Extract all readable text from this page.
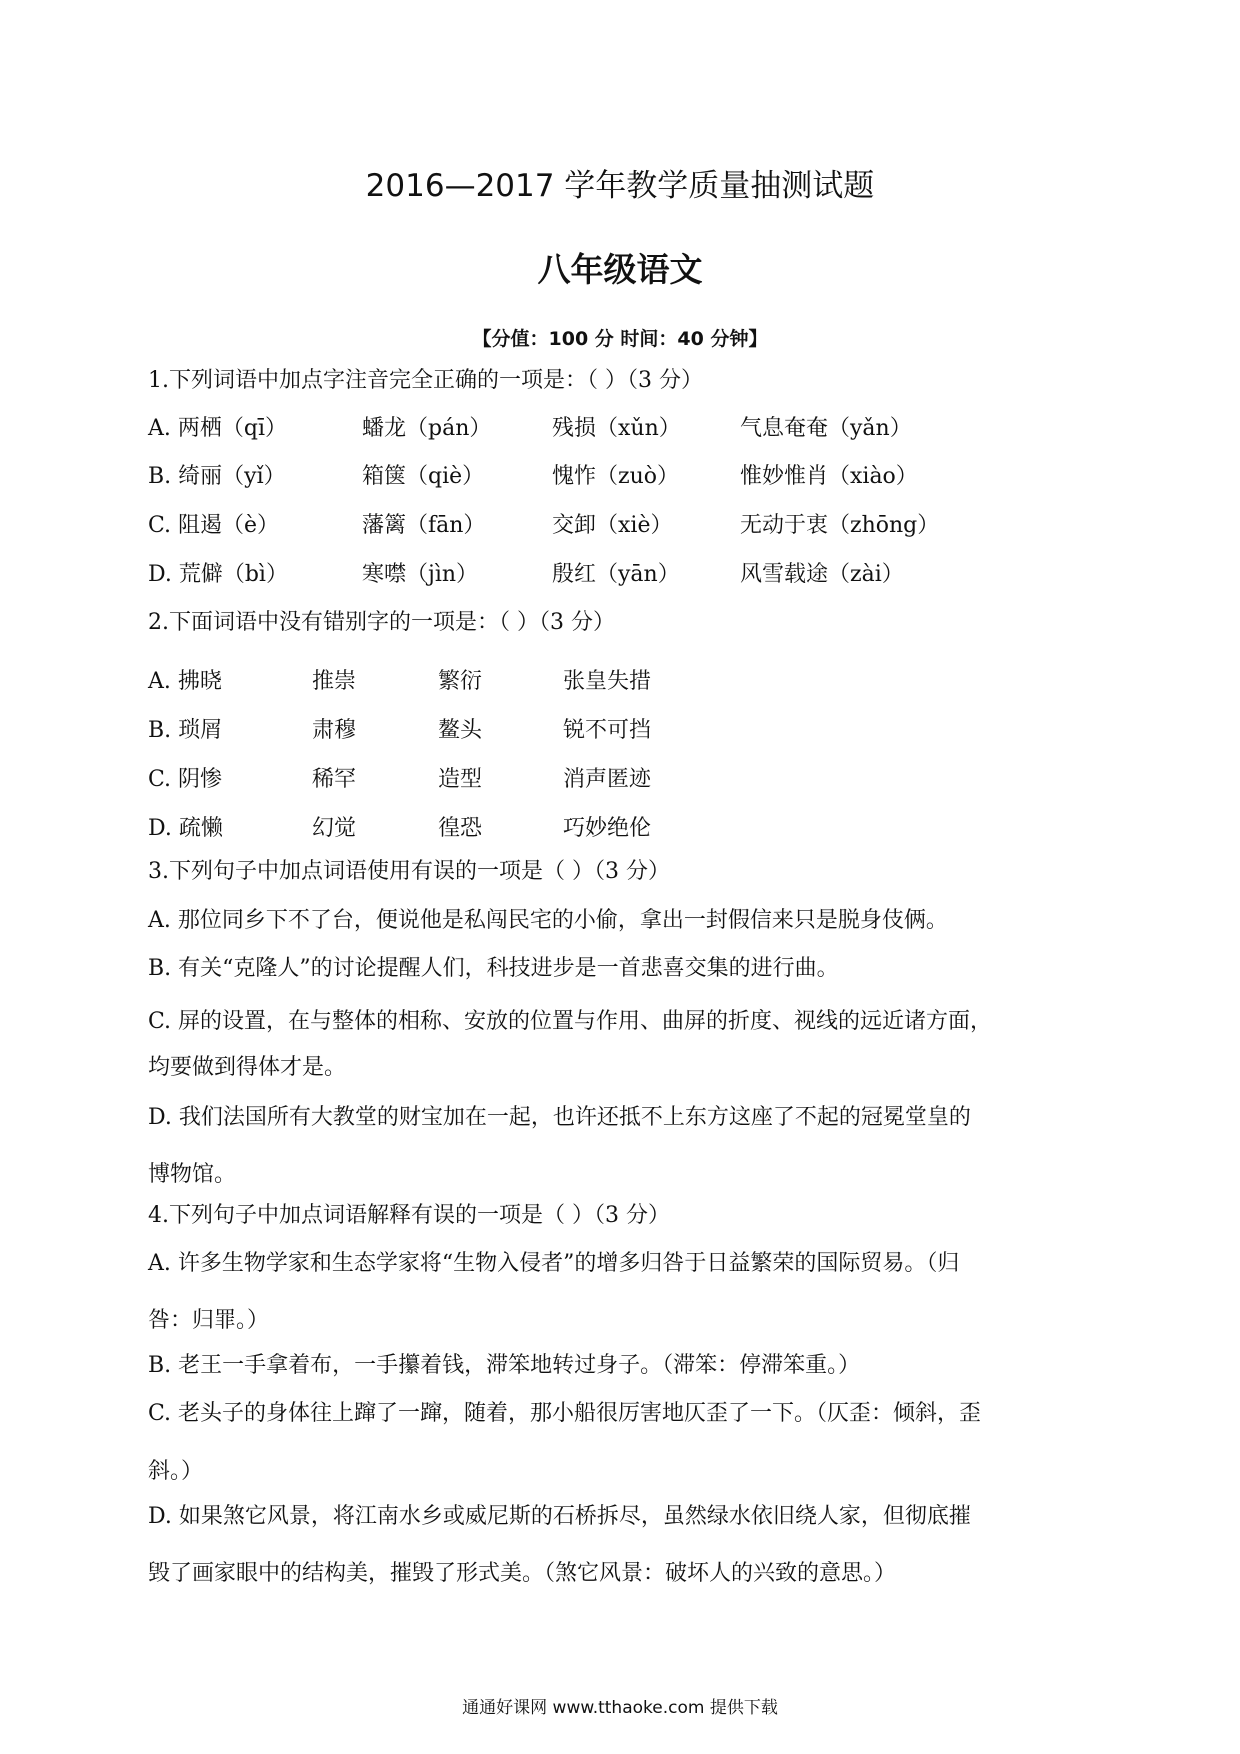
2016—2017 学年教学质量抽测试题
八年级语文
【分值：100 分 时间：40 分钟】
1.下列词语中加点字注音完全正确的一项是：（ ）（3 分）
A. 两栖（qī）	蟠龙（pán）	残损（xǔn）	气息奄奄（yǎn）
B. 绮丽（yǐ）	箱箧（qiè）	愧怍（zuò）	惟妙惟肖（xiào）
C. 阻遏（è）	藩篱（fān）	交卸（xiè）	无动于衷（zhōng）
D. 荒僻（bì）	寒噤（jìn）	殷红（yān）	风雪载途（zài）
2.下面词语中没有错别字的一项是：（ ）（3 分）
A. 拂晓	推崇	繁衍	张皇失措
B. 琐屑	肃穆	鳌头	锐不可挡
C. 阴惨	稀罕	造型	消声匿迹
D. 疏懒	幻觉	徨恐	巧妙绝伦
3.下列句子中加点词语使用有误的一项是（ ）（3 分）
A. 那位同乡下不了台，便说他是私闯民宅的小偷，拿出一封假信来只是脱身伎俩。
B. 有关“克隆人”的讨论提醒人们，科技进步是一首悲喜交集的进行曲。
C. 屏的设置，在与整体的相称、安放的位置与作用、曲屏的折度、视线的远近诸方面，
均要做到得体才是。
D. 我们法国所有大教堂的财宝加在一起，也许还抵不上东方这座了不起的冠冕堂皇的
博物馆。
4.下列句子中加点词语解释有误的一项是（ ）（3 分）
A. 许多生物学家和生态学家将“生物入侵者”的增多归咎于日益繁荣的国际贸易。（归
咎：归罪。）
B. 老王一手拿着布，一手攥着钱，滞笨地转过身子。（滞笨：停滞笨重。）
C. 老头子的身体往上蹿了一蹿，随着，那小船很厉害地仄歪了一下。（仄歪：倾斜，歪
斜。）
D. 如果煞它风景，将江南水乡或威尼斯的石桥拆尽，虽然绿水依旧绕人家，但彻底摧
毁了画家眼中的结构美，摧毁了形式美。（煞它风景：破坏人的兴致的意思。）
通通好课网 www.tthaoke.com 提供下载
